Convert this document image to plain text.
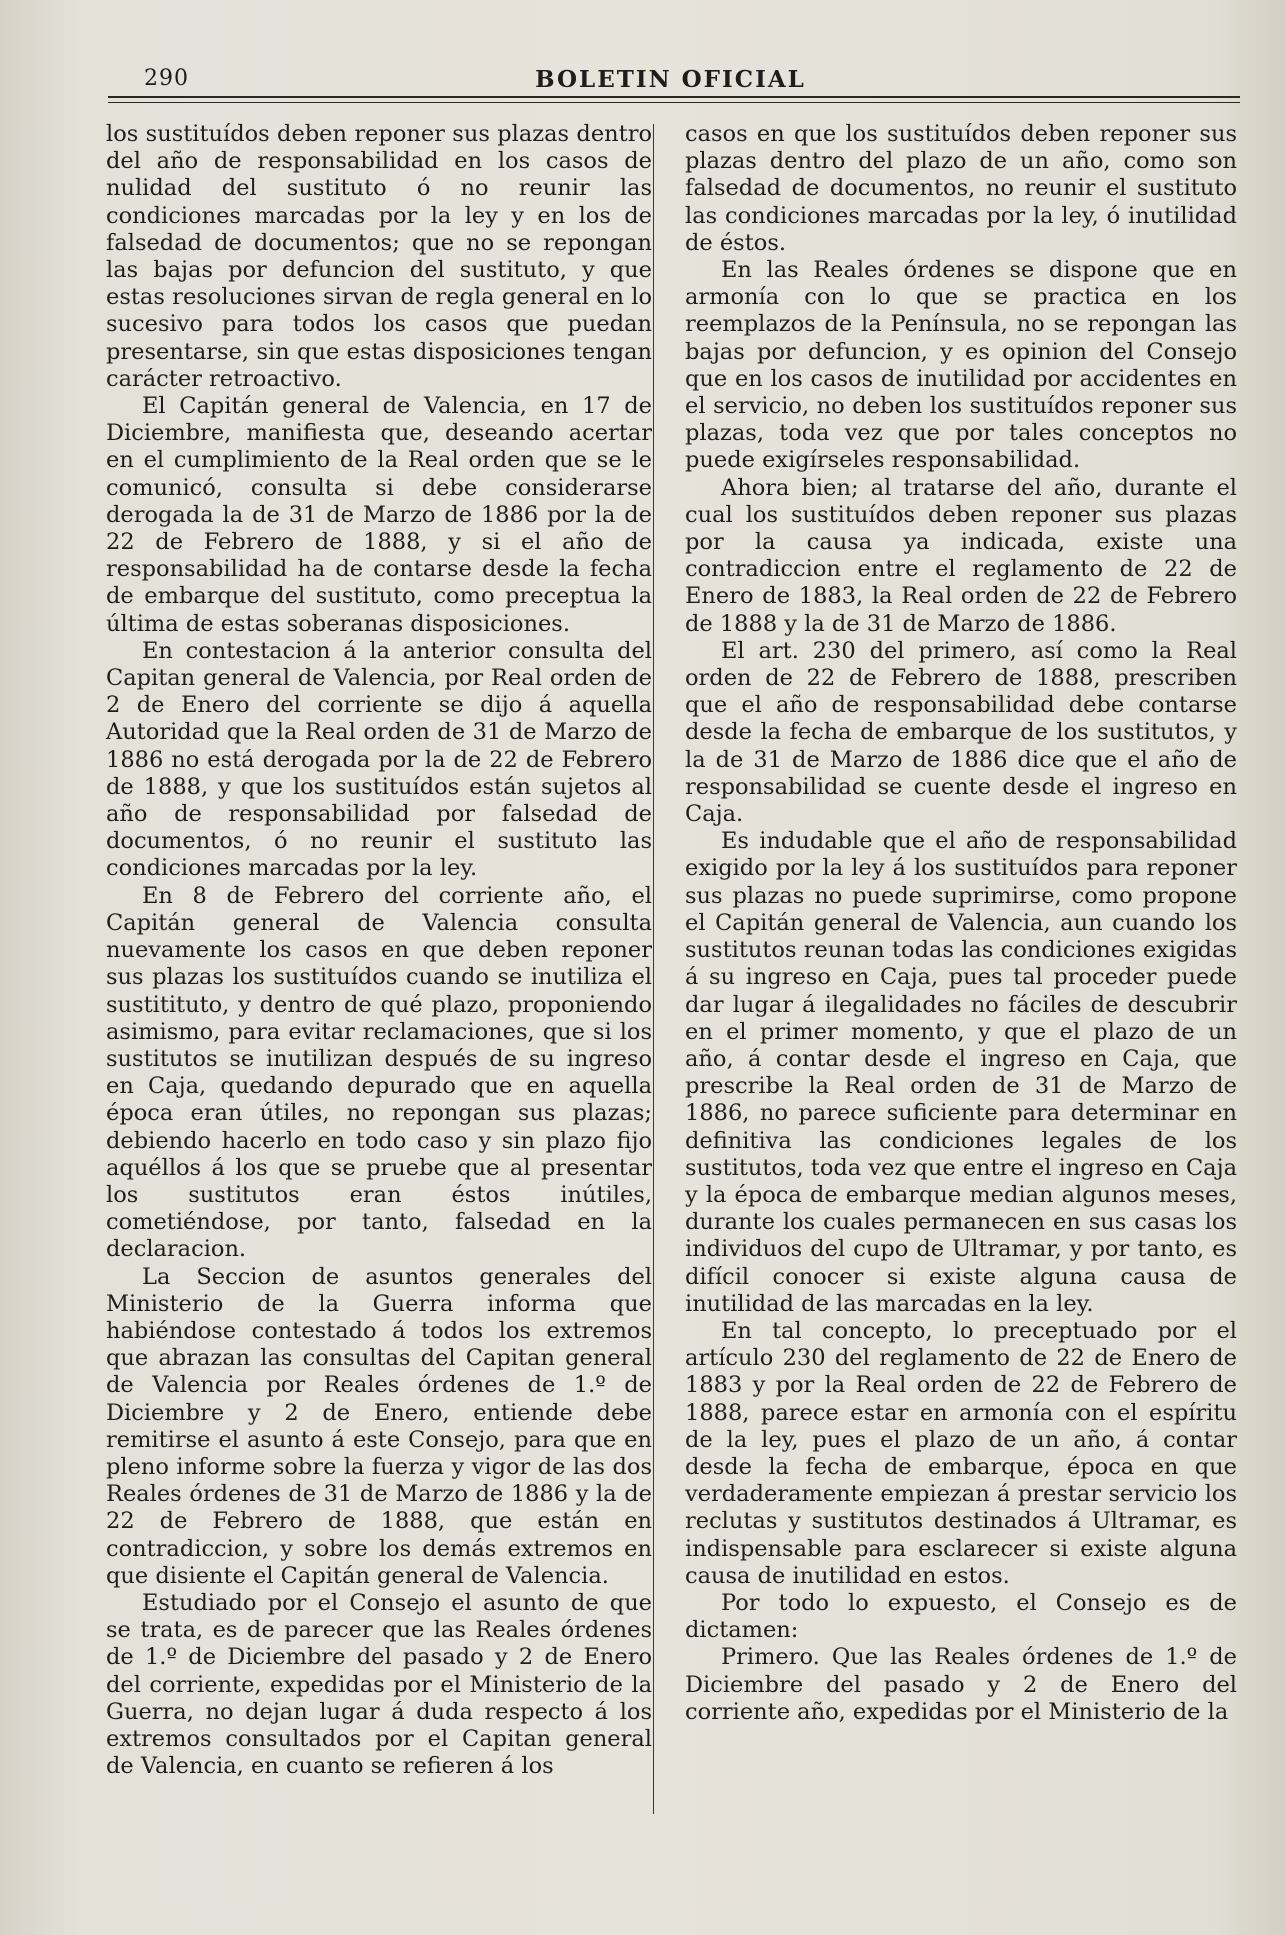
290	BOLETIN OFICIAL

los sustituídos deben reponer sus plazas dentro del año de responsabilidad en los casos de nulidad del sustituto ó no reunir las condiciones marcadas por la ley y en los de falsedad de documentos; que no se repongan las bajas por defuncion del sustituto, y que estas resoluciones sirvan de regla general en lo sucesivo para todos los casos que puedan presentarse, sin que estas disposiciones tengan carácter retroactivo.

El Capitán general de Valencia, en 17 de Diciembre, manifiesta que, deseando acertar en el cumplimiento de la Real orden que se le comunicó, consulta si debe considerarse derogada la de 31 de Marzo de 1886 por la de 22 de Febrero de 1888, y si el año de responsabilidad ha de contarse desde la fecha de embarque del sustituto, como preceptua la última de estas soberanas disposiciones.

En contestacion á la anterior consulta del Capitan general de Valencia, por Real orden de 2 de Enero del corriente se dijo á aquella Autoridad que la Real orden de 31 de Marzo de 1886 no está derogada por la de 22 de Febrero de 1888, y que los sustituídos están sujetos al año de responsabilidad por falsedad de documentos, ó no reunir el sustituto las condiciones marcadas por la ley.

En 8 de Febrero del corriente año, el Capitán general de Valencia consulta nuevamente los casos en que deben reponer sus plazas los sustituídos cuando se inutiliza el sustitituto, y dentro de qué plazo, proponiendo asimismo, para evitar reclamaciones, que si los sustitutos se inutilizan después de su ingreso en Caja, quedando depurado que en aquella época eran útiles, no repongan sus plazas; debiendo hacerlo en todo caso y sin plazo fijo aquéllos á los que se pruebe que al presentar los sustitutos eran éstos inútiles, cometiéndose, por tanto, falsedad en la declaracion.

La Seccion de asuntos generales del Ministerio de la Guerra informa que habiéndose contestado á todos los extremos que abrazan las consultas del Capitan general de Valencia por Reales órdenes de 1.º de Diciembre y 2 de Enero, entiende debe remitirse el asunto á este Consejo, para que en pleno informe sobre la fuerza y vigor de las dos Reales órdenes de 31 de Marzo de 1886 y la de 22 de Febrero de 1888, que están en contradiccion, y sobre los demás extremos en que disiente el Capitán general de Valencia.

Estudiado por el Consejo el asunto de que se trata, es de parecer que las Reales órdenes de 1.º de Diciembre del pasado y 2 de Enero del corriente, expedidas por el Ministerio de la Guerra, no dejan lugar á duda respecto á los extremos consultados por el Capitan general de Valencia, en cuanto se refieren á los

casos en que los sustituídos deben reponer sus plazas dentro del plazo de un año, como son falsedad de documentos, no reunir el sustituto las condiciones marcadas por la ley, ó inutilidad de éstos.

En las Reales órdenes se dispone que en armonía con lo que se practica en los reemplazos de la Península, no se repongan las bajas por defuncion, y es opinion del Consejo que en los casos de inutilidad por accidentes en el servicio, no deben los sustituídos reponer sus plazas, toda vez que por tales conceptos no puede exigírseles responsabilidad.

Ahora bien; al tratarse del año, durante el cual los sustituídos deben reponer sus plazas por la causa ya indicada, existe una contradiccion entre el reglamento de 22 de Enero de 1883, la Real orden de 22 de Febrero de 1888 y la de 31 de Marzo de 1886.

El art. 230 del primero, así como la Real orden de 22 de Febrero de 1888, prescriben que el año de responsabilidad debe contarse desde la fecha de embarque de los sustitutos, y la de 31 de Marzo de 1886 dice que el año de responsabilidad se cuente desde el ingreso en Caja.

Es indudable que el año de responsabilidad exigido por la ley á los sustituídos para reponer sus plazas no puede suprimirse, como propone el Capitán general de Valencia, aun cuando los sustitutos reunan todas las condiciones exigidas á su ingreso en Caja, pues tal proceder puede dar lugar á ilegalidades no fáciles de descubrir en el primer momento, y que el plazo de un año, á contar desde el ingreso en Caja, que prescribe la Real orden de 31 de Marzo de 1886, no parece suficiente para determinar en definitiva las condiciones legales de los sustitutos, toda vez que entre el ingreso en Caja y la época de embarque median algunos meses, durante los cuales permanecen en sus casas los individuos del cupo de Ultramar, y por tanto, es difícil conocer si existe alguna causa de inutilidad de las marcadas en la ley.

En tal concepto, lo preceptuado por el artículo 230 del reglamento de 22 de Enero de 1883 y por la Real orden de 22 de Febrero de 1888, parece estar en armonía con el espíritu de la ley, pues el plazo de un año, á contar desde la fecha de embarque, época en que verdaderamente empiezan á prestar servicio los reclutas y sustitutos destinados á Ultramar, es indispensable para esclarecer si existe alguna causa de inutilidad en estos.

Por todo lo expuesto, el Consejo es de dictamen:

Primero. Que las Reales órdenes de 1.º de Diciembre del pasado y 2 de Enero del corriente año, expedidas por el Ministerio de la
